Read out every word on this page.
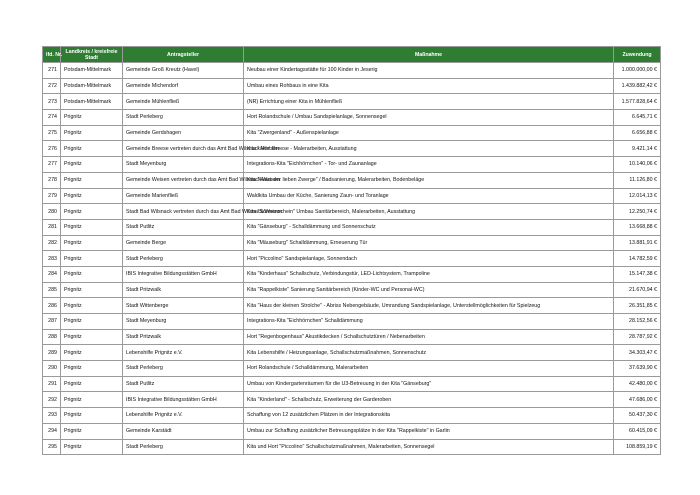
lfd. Nr.	Landkreis / kreisfreie Stadt	Antragsteller	Maßnahme	Zuwendung
271	Potsdam-Mittelmark	Gemeinde Groß Kreutz (Havel)	Neubau einer Kindertagsstätte für 100 Kinder in Jeserig	1.000.000,00 €
272	Potsdam-Mittelmark	Gemeinde Michendorf	Umbau eines Rohbaus in eine Kita	1.439.882,42 €
273	Potsdam-Mittelmark	Gemeinde Mühlenfließ	(NR) Errichtung einer Kita in Mühlenfließ	1.577.828,64 €
274	Prignitz	Stadt Perleberg	Hort Rolandschule / Umbau Sandspielanlage, Sonnensegel	6.645,71 €
275	Prignitz	Gemeinde Gerdshagen	Kita "Zwergenland" - Außenspielanlage	6.656,88 €
276	Prignitz	Gemeinde Breese vertreten durch das Amt Bad Wilsnack/Weisen	Kita / Hort Breese - Malerarbeiten, Ausstattung	9.421,14 €
277	Prignitz	Stadt Meyenburg	Integrations-Kita "Eichhörnchen" - Tor- und Zaunanlage	10.140,06 €
278	Prignitz	Gemeinde Weisen vertreten durch das Amt Bad Wilsnack/Weisen	Kita "Haus der lieben Zwerge" / Badsanierung, Malerarbeiten, Bodenbeläge	11.126,80 €
279	Prignitz	Gemeinde Marienfließ	Waldkita Umbau der Küche, Sanierung Zaun- und Toranlage	12.014,13 €
280	Prignitz	Stadt Bad Wilsnack vertreten durch das Amt Bad Wilsnack/Weisen	Kita "Sonnenschein" Umbau Sanitärbereich, Malerarbeiten, Ausstattung	12.250,74 €
281	Prignitz	Stadt Putlitz	Kita "Gänseburg" - Schalldämmung und Sonnenschutz	13.668,88 €
282	Prignitz	Gemeinde Berge	Kita "Mäuseburg" Schalldämmung, Erneuerung Tür	13.881,91 €
283	Prignitz	Stadt Perleberg	Hort "Piccolino" Sandspielanlage, Sonnendach	14.782,59 €
284	Prignitz	IBIS Integrative Bildungsstätten GmbH	Kita "Kinderhaus" Schallschutz, Verbindungstür, LED-Lichtsystem, Trampoline	15.147,38 €
285	Prignitz	Stadt Pritzwalk	Kita "Rappelkiste" Sanierung Sanitärbereich (Kinder-WC und Personal-WC)	21.670,94 €
286	Prignitz	Stadt Wittenberge	Kita "Haus der kleinen Strolche" - Abriss Nebengebäude, Umrandung Sandspielanlage, Unterstellmöglichkeiten für Spielzeug	26.351,85 €
287	Prignitz	Stadt Meyenburg	Integrations-Kita "Eichhörnchen" Schalldämmung	28.152,56 €
288	Prignitz	Stadt Pritzwalk	Hort "Regenbogenhaus" Akustikdecken / Schallschutztüren / Nebenarbeiten	28.787,92 €
289	Prignitz	Lebenshilfe Prignitz e.V.	Kita Lebenshilfe / Heizungsanlage, Schallschutzmaßnahmen, Sonnenschutz	34.303,47 €
290	Prignitz	Stadt Perleberg	Hort Rolandschule / Schalldämmung, Malerarbeiten	37.639,90 €
291	Prignitz	Stadt Putlitz	Umbau von Kindergartenräumen für die U3-Betreuung in der Kita "Gänseburg"	42.480,00 €
292	Prignitz	IBIS Integrative Bildungsstätten GmbH	Kita "Kinderland" - Schallschutz, Erweiterung der Garderoben	47.686,00 €
293	Prignitz	Lebenshilfe Prignitz e.V.	Schaffung von 12 zusätzlichen Plätzen in der Integrationskita	50.437,30 €
294	Prignitz	Gemeinde Karstädt	Umbau zur Schaffung zusätzlicher Betreuungsplätze in der Kita "Rappelkiste" in Garlin	60.415,09 €
295	Prignitz	Stadt Perleberg	Kita und Hort "Piccolino" Schallschutzmaßnahmen, Malerarbeiten, Sonnensegel	108.859,19 €
